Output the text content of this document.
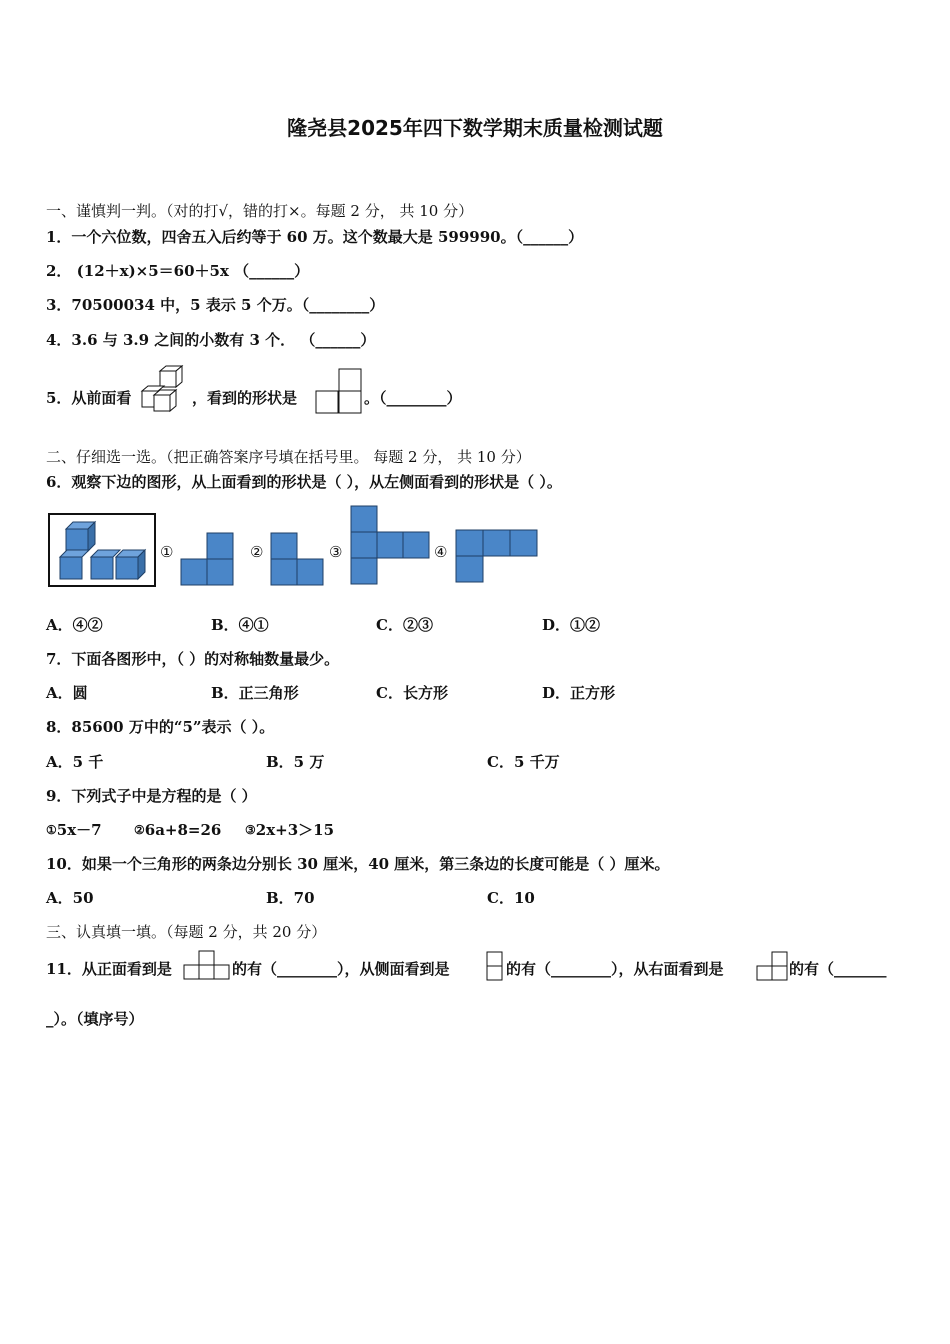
隆尧县2025年四下数学期末质量检测试题
一、谨慎判一判。（对的打√，错的打×。每题 2 分， 共 10 分）
1．一个六位数，四舍五入后约等于 60 万。这个数最大是 599990。（______）
2． (12＋x)×5＝60＋5x （______）
3．70500034 中，5 表示 5 个万。（________）
4．3.6 与 3.9 之间的小数有 3 个． （______）
5．从前面看	，看到的形状是	。（________）
二、仔细选一选。（把正确答案序号填在括号里。 每题 2 分， 共 10 分）
6．观察下边的图形，从上面看到的形状是（ ），从左侧面看到的形状是（ ）。
①	②	③	④
A．④②	B．④①	C．②③	D．①②
7．下面各图形中，（ ）的对称轴数量最少。
A．圆	B．正三角形	C．长方形	D．正方形
8．85600 万中的“5”表示（ ）。
A．5 千	B．5 万	C．5 千万
9．下列式子中是方程的是（ ）
①5x－7	②6a+8=26 ③2x+3＞15
10．如果一个三角形的两条边分别长 30 厘米，40 厘米，第三条边的长度可能是（ ）厘米。
A．50	B．70	C．10
三、认真填一填。（每题 2 分，共 20 分）
11．从正面看到是	的有（________），从侧面看到是	的有（________），从右面看到是	的有（_______
_）。（填序号）
